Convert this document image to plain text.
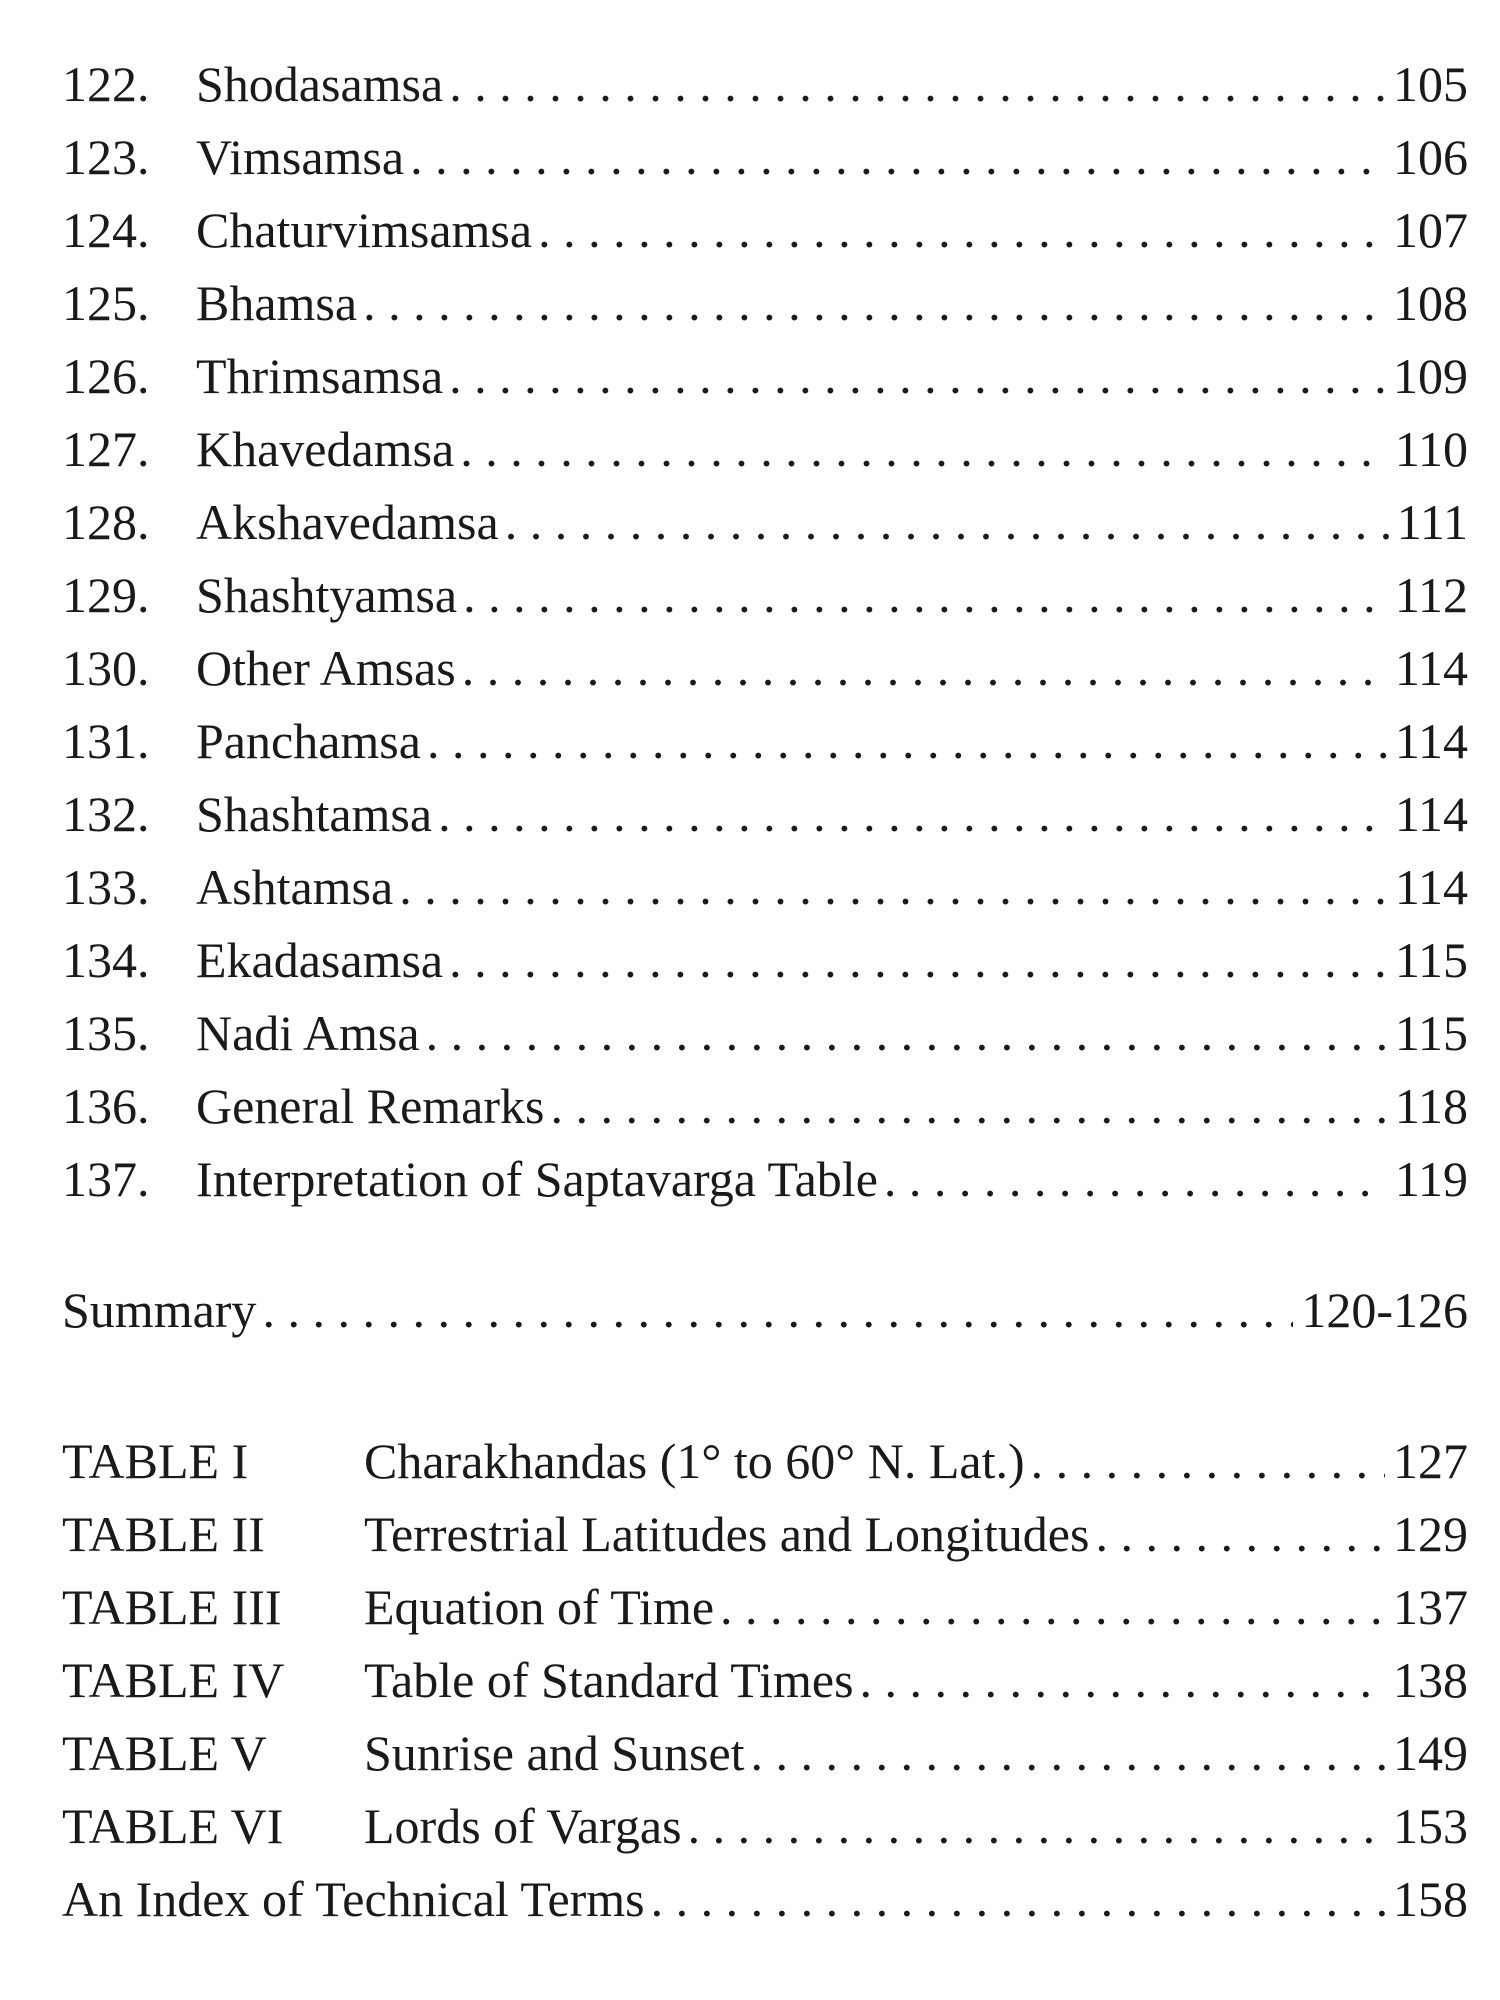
122. Shodasamsa . . .	105
123. Vimsamsa . . .	106
124. Chaturvimsamsa . . .	107
125. Bhamsa . . .	108
126. Thrimsamsa . . .	109
127. Khavedamsa . . .	110
128. Akshavedamsa . . .	111
129. Shashtyamsa . . .	112
130. Other Amsas . . .	114
131. Panchamsa . . .	114
132. Shashtamsa . . .	114
133. Ashtamsa . . .	114
134. Ekadasamsa . . .	115
135. Nadi Amsa . . .	115
136. General Remarks . . .	118
137. Interpretation of Saptavarga Table . . .	119
Summary . . .	120-126
TABLE I	Charakhandas (1° to 60° N. Lat.) . . .	127
TABLE II	Terrestrial Latitudes and Longitudes . . .	129
TABLE III	Equation of Time . . .	137
TABLE IV	Table of Standard Times . . .	138
TABLE V	Sunrise and Sunset . . .	149
TABLE VI	Lords of Vargas . . .	153
An Index of Technical Terms . . .	158
